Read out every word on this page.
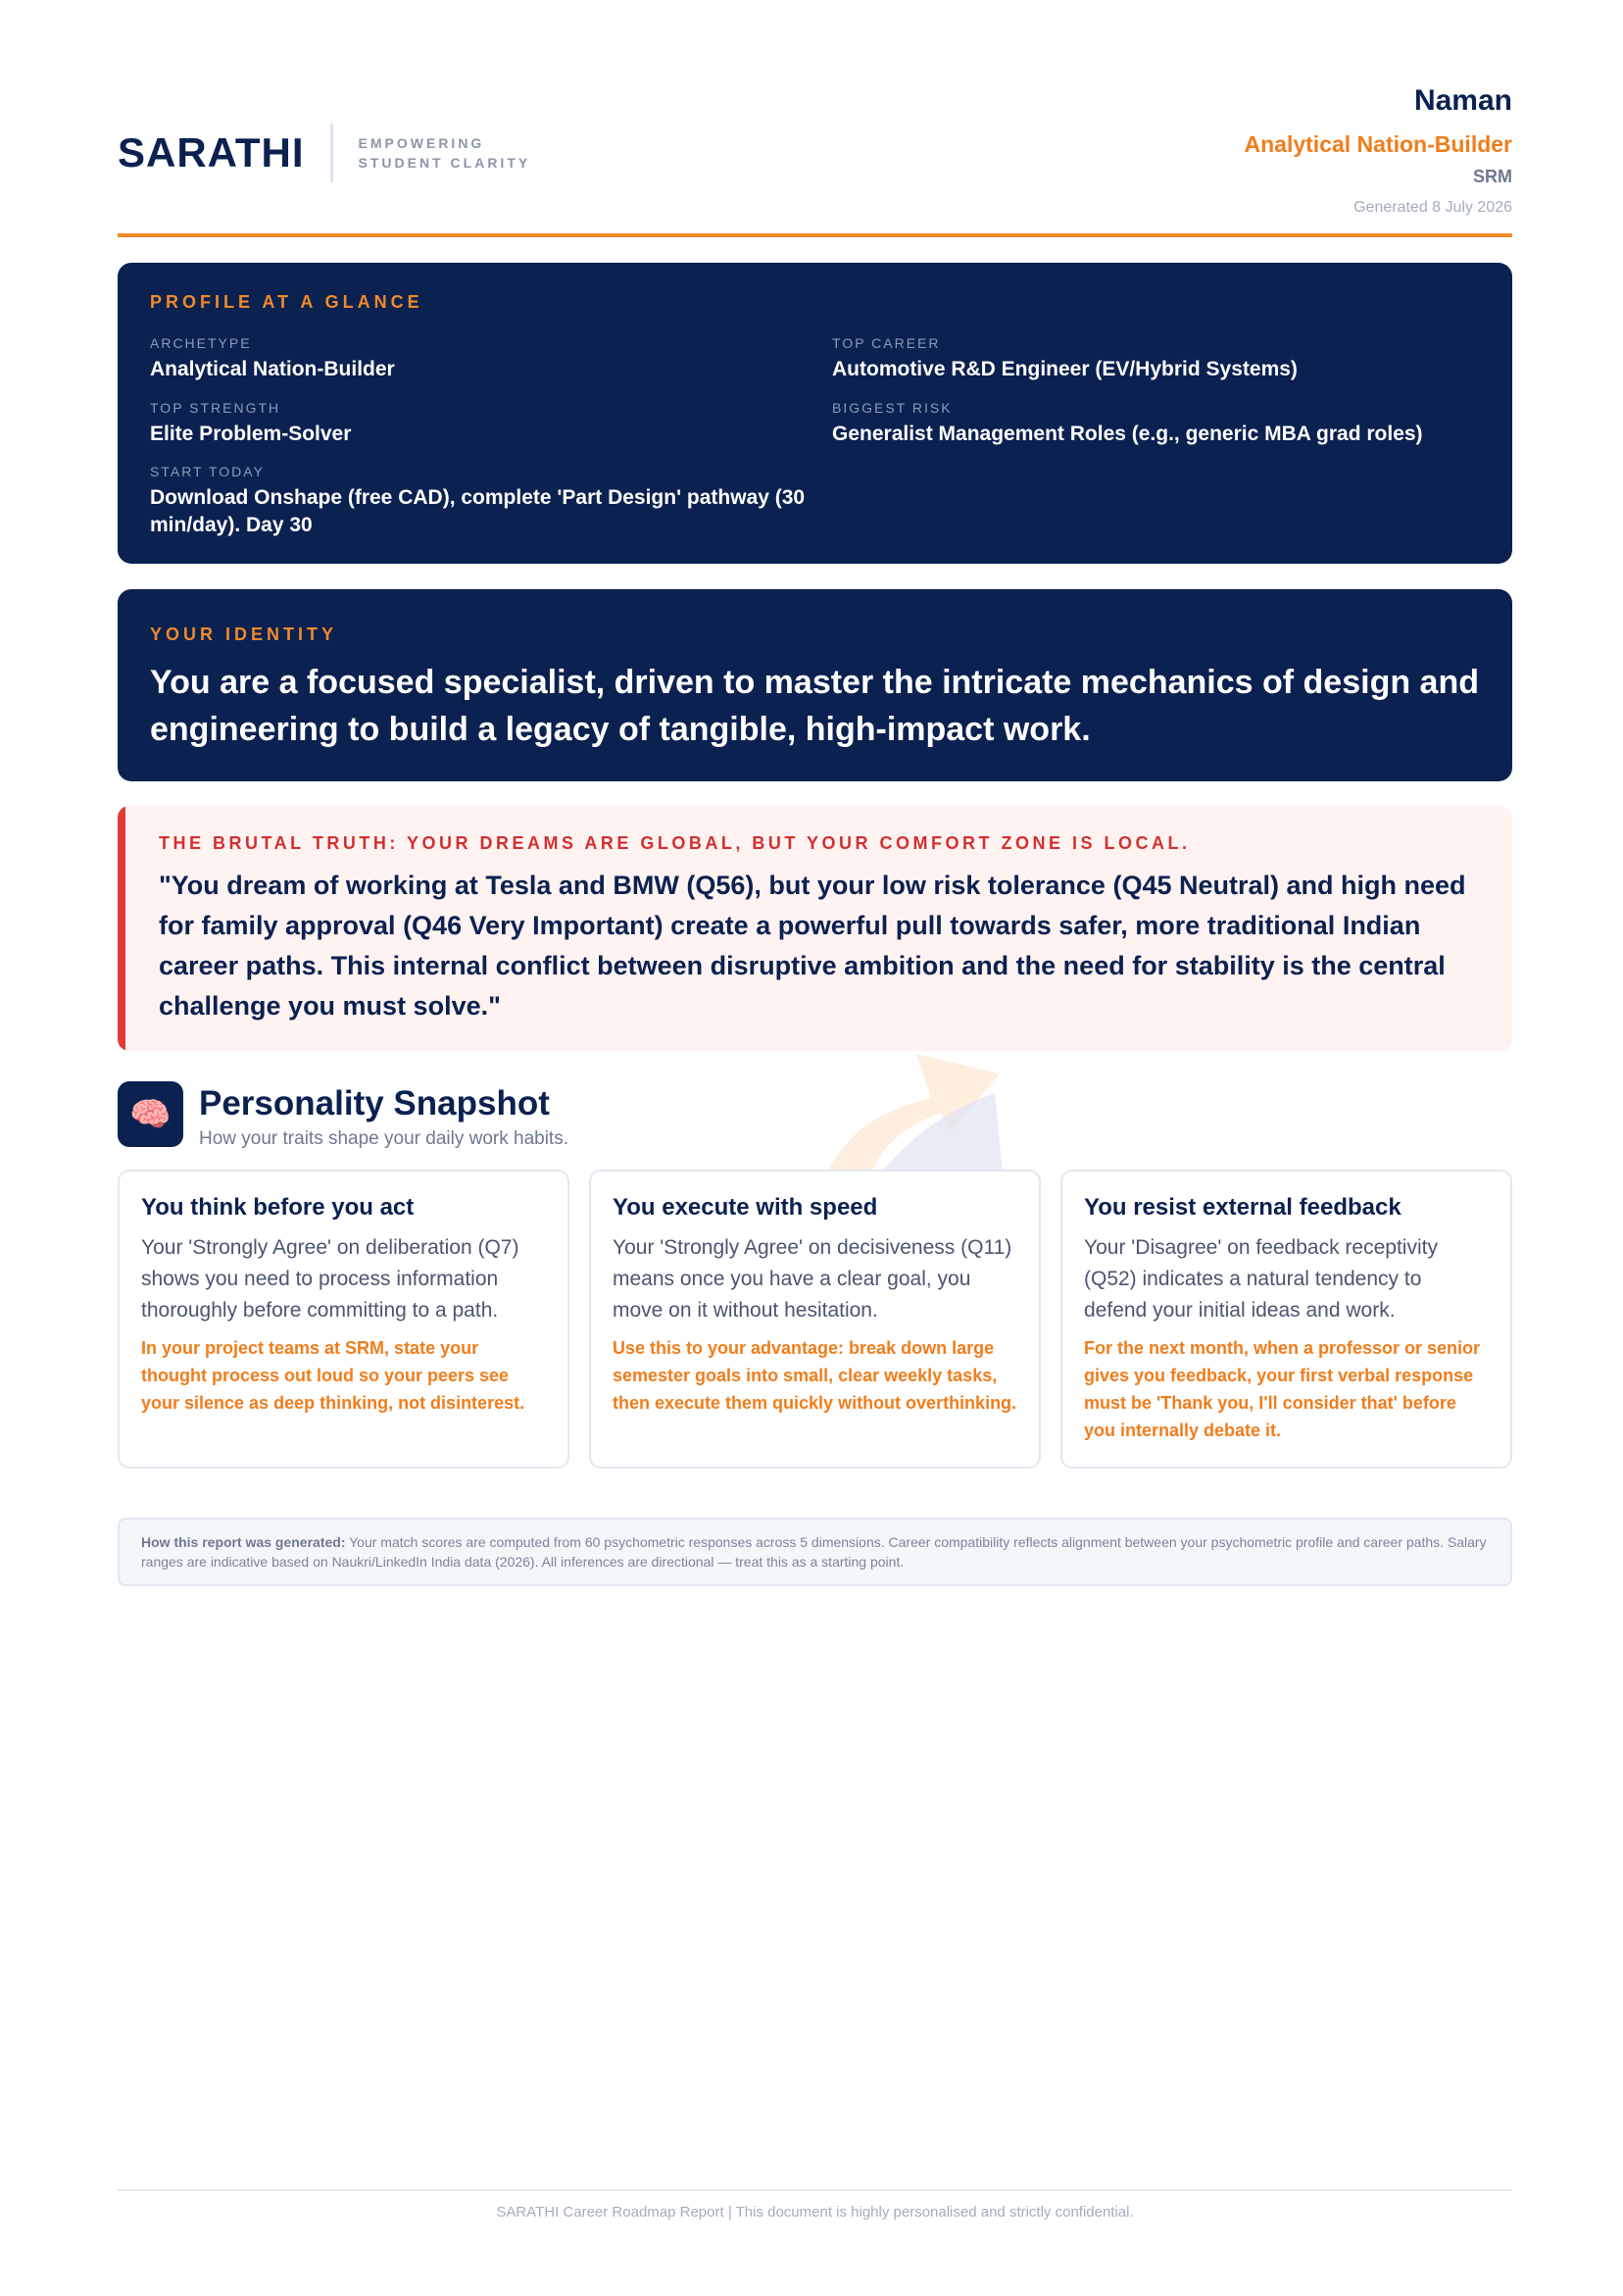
SARATHI	EMPOWERING
STUDENT CLARITY
Naman
Analytical Nation-Builder
SRM
Generated 8 July 2026
PROFILE AT A GLANCE
ARCHETYPE
Analytical Nation-Builder
TOP CAREER
Automotive R&D Engineer (EV/Hybrid Systems)
TOP STRENGTH
Elite Problem-Solver
BIGGEST RISK
Generalist Management Roles (e.g., generic MBA grad roles)
START TODAY
Download Onshape (free CAD), complete 'Part Design' pathway (30 min/day). Day 30
YOUR IDENTITY
You are a focused specialist, driven to master the intricate mechanics of design and engineering to build a legacy of tangible, high-impact work.
THE BRUTAL TRUTH: YOUR DREAMS ARE GLOBAL, BUT YOUR COMFORT ZONE IS LOCAL.
"You dream of working at Tesla and BMW (Q56), but your low risk tolerance (Q45 Neutral) and high need for family approval (Q46 Very Important) create a powerful pull towards safer, more traditional Indian career paths. This internal conflict between disruptive ambition and the need for stability is the central challenge you must solve."
🧠 Personality Snapshot
How your traits shape your daily work habits.
You think before you act
Your 'Strongly Agree' on deliberation (Q7) shows you need to process information thoroughly before committing to a path.
In your project teams at SRM, state your thought process out loud so your peers see your silence as deep thinking, not disinterest.
You execute with speed
Your 'Strongly Agree' on decisiveness (Q11) means once you have a clear goal, you move on it without hesitation.
Use this to your advantage: break down large semester goals into small, clear weekly tasks, then execute them quickly without overthinking.
You resist external feedback
Your 'Disagree' on feedback receptivity (Q52) indicates a natural tendency to defend your initial ideas and work.
For the next month, when a professor or senior gives you feedback, your first verbal response must be 'Thank you, I'll consider that' before you internally debate it.
How this report was generated: Your match scores are computed from 60 psychometric responses across 5 dimensions. Career compatibility reflects alignment between your psychometric profile and career paths. Salary ranges are indicative based on Naukri/LinkedIn India data (2026). All inferences are directional — treat this as a starting point.
SARATHI Career Roadmap Report | This document is highly personalised and strictly confidential.
